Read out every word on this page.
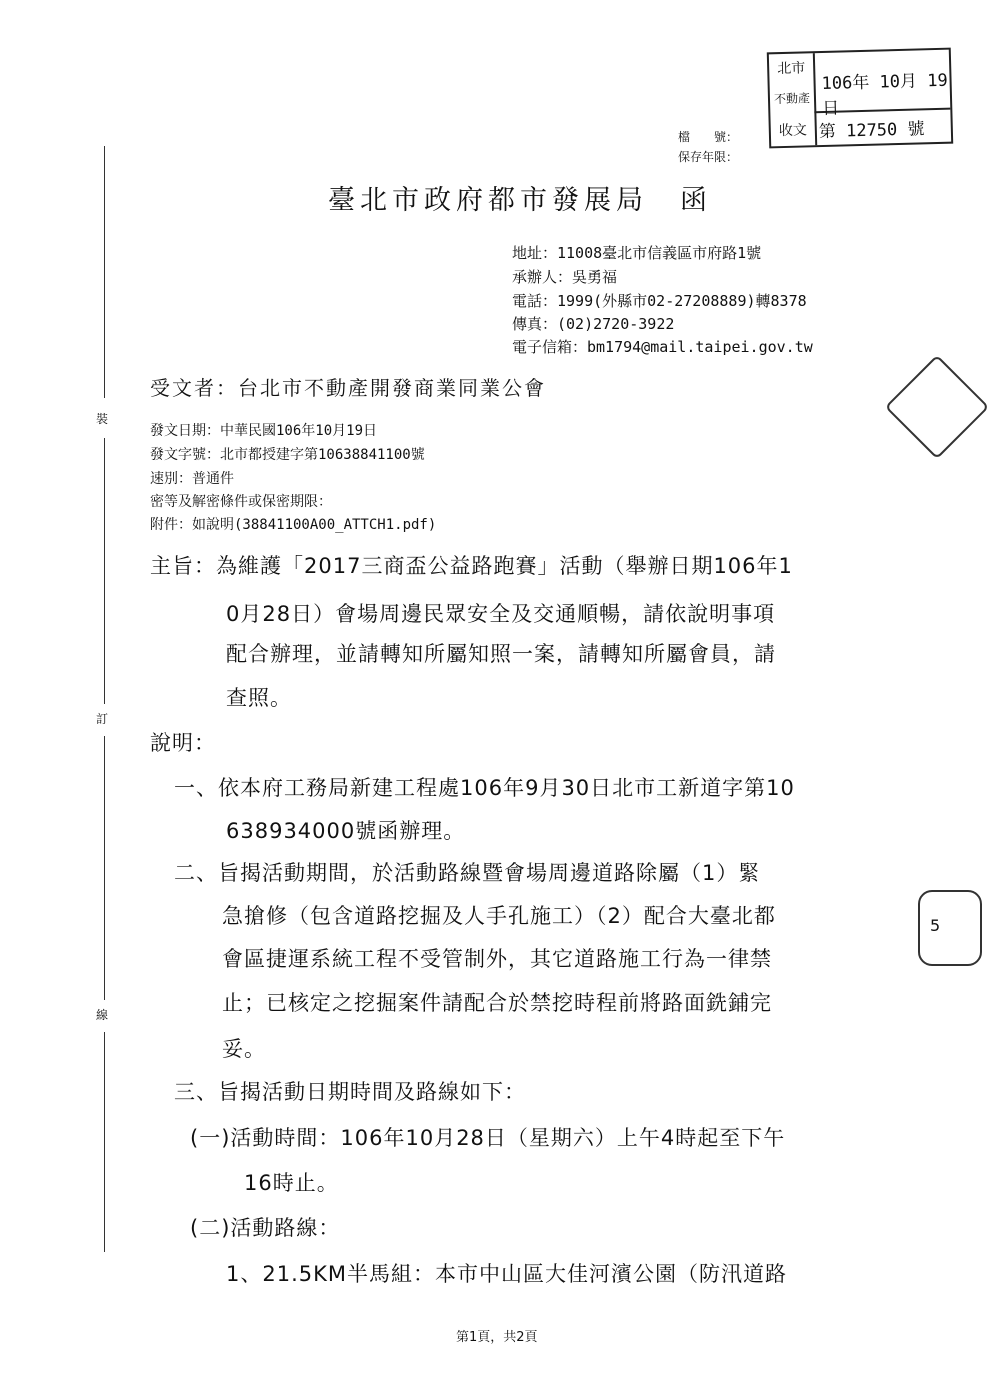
北市
不動產
收文
106年 10月 19日
第 12750 號
檔　　號：
保存年限：
臺北市政府都市發展局　函
地址：11008臺北市信義區市府路1號
承辦人：吳勇福
電話：1999(外縣市02-27208889)轉8378
傳真：(02)2720-3922
電子信箱：bm1794@mail.taipei.gov.tw
受文者：台北市不動產開發商業同業公會
發文日期：中華民國106年10月19日
發文字號：北市都授建字第10638841100號
速別：普通件
密等及解密條件或保密期限：
附件：如說明(38841100A00_ATTCH1.pdf)
主旨：為維護「2017三商盃公益路跑賽」活動（舉辦日期106年1
0月28日）會場周邊民眾安全及交通順暢，請依說明事項
配合辦理，並請轉知所屬知照一案，請轉知所屬會員，請
查照。
說明：
一、依本府工務局新建工程處106年9月30日北市工新道字第10
638934000號函辦理。
二、旨揭活動期間，於活動路線暨會場周邊道路除屬（1）緊
急搶修（包含道路挖掘及人手孔施工）（2）配合大臺北都
會區捷運系統工程不受管制外，其它道路施工行為一律禁
止；已核定之挖掘案件請配合於禁挖時程前將路面銑鋪完
妥。
三、旨揭活動日期時間及路線如下：
(一)活動時間：106年10月28日（星期六）上午4時起至下午
16時止。
(二)活動路線：
1、21.5KM半馬組：本市中山區大佳河濱公園（防汛道路
裝
訂
線
5
第1頁，共2頁
